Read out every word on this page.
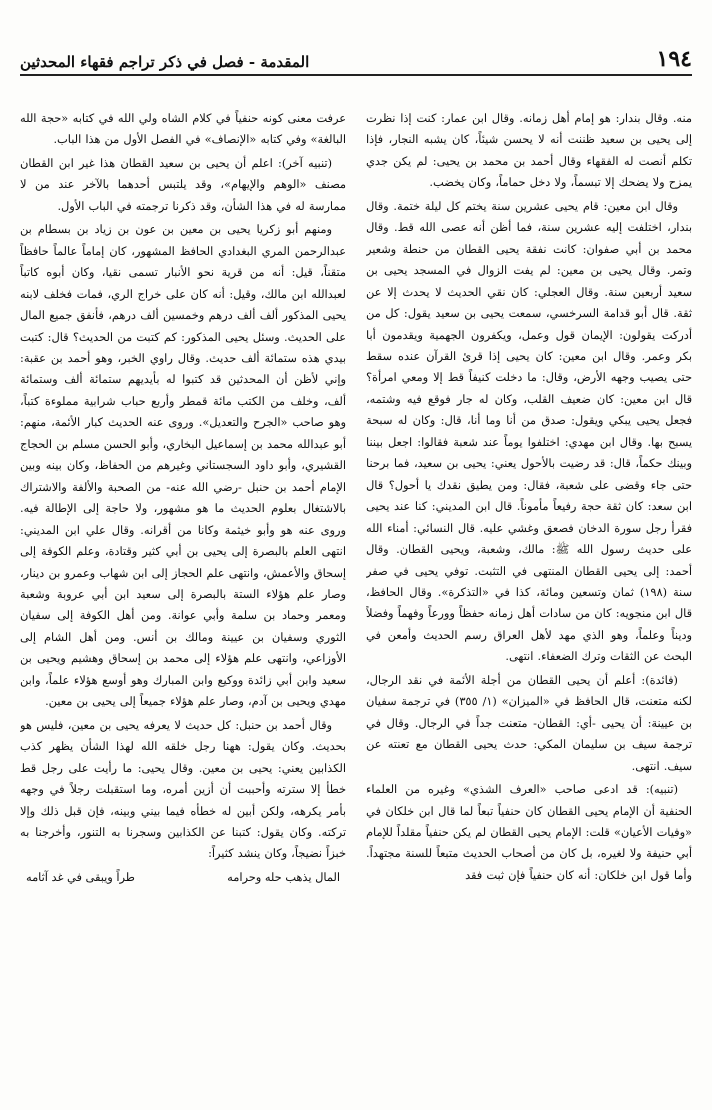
١٩٤
المقدمة - فصل في ذكر تراجم فقهاء المحدثين

منه. وقال بندار: هو إمام أهل زمانه. وقال ابن عمار: كنت إذا نظرت إلى يحيى بن سعيد ظننت أنه لا يحسن شيئاً، كان يشبه النجار، فإذا تكلم أنصت له الفقهاء وقال أحمد بن محمد بن يحيى: لم يكن جدي يمزح ولا يضحك إلا تبسماً، ولا دخل حماماً، وكان يخضب.

وقال ابن معين: قام يحيى عشرين سنة يختم كل ليلة ختمة. وقال بندار، اختلفت إليه عشرين سنة، فما أظن أنه عصى الله قط. وقال محمد بن أبي صفوان: كانت نفقة يحيى القطان من حنطة وشعير وتمر. وقال يحيى بن معين: لم يفت الزوال في المسجد يحيى بن سعيد أربعين سنة. وقال العجلي: كان نقي الحديث لا يحدث إلا عن ثقة. قال أبو قدامة السرخسي، سمعت يحيى بن سعيد يقول: كل من أدركت يقولون: الإيمان قول وعمل، ويكفرون الجهمية ويقدمون أبا بكر وعمر. وقال ابن معين: كان يحيى إذا قرئ القرآن عنده سقط حتى يصيب وجهه الأرض، وقال: ما دخلت كنيفاً قط إلا ومعي امرأة؟ قال ابن معين: كان ضعيف القلب، وكان له جار فوقع فيه وشتمه، فجعل يحيى يبكي ويقول: صدق من أنا وما أنا، قال: وكان له سبحة يسبح بها. وقال ابن مهدي: اختلفوا يوماً عند شعبة فقالوا: اجعل بيننا وبينك حكماً، قال: قد رضيت بالأحول يعني: يحيى بن سعيد، فما برحنا حتى جاء وقضى على شعبة، فقال: ومن يطيق نقدك يا أحول؟ قال ابن سعد: كان ثقة حجة رفيعاً مأموناً. قال ابن المديني: كنا عند يحيى فقرأ رجل سورة الدخان فصعق وغشي عليه. قال النسائي: أمناء الله على حديث رسول الله ﷺ: مالك، وشعبة، ويحيى القطان. وقال أحمد: إلى يحيى القطان المنتهى في التثبت. توفي يحيى في صفر سنة (١٩٨) ثمان وتسعين ومائة، كذا في «التذكرة». وقال الحافظ، قال ابن منجويه: كان من سادات أهل زمانه حفظاً وورعاً وفهماً وفضلاً وديناً وعلماً، وهو الذي مهد لأهل العراق رسم الحديث وأمعن في البحث عن الثقات وترك الضعفاء. انتهى.

(فائدة): أعلم أن يحيى القطان من أجلة الأئمة في نقد الرجال، لكنه متعنت، قال الحافظ في «الميزان» (١/ ٣٥٥) في ترجمة سفيان بن عيينة: أن يحيى -أي: القطان- متعنت جداً في الرجال. وقال في ترجمة سيف بن سليمان المكي: حدث يحيى القطان مع تعنته عن سيف. انتهى.

(تنبيه): قد ادعى صاحب «العرف الشذي» وغيره من العلماء الحنفية أن الإمام يحيى القطان كان حنفياً تبعاً لما قال ابن خلكان في «وفيات الأعيان» قلت: الإمام يحيى القطان لم يكن حنفياً مقلداً للإمام أبي حنيفة ولا لغيره، بل كان من أصحاب الحديث متبعاً للسنة مجتهداً. وأما قول ابن خلكان: أنه كان حنفياً فإن ثبت فقد

عرفت معنى كونه حنفياً في كلام الشاه ولي الله في كتابه «حجة الله البالغة» وفي كتابه «الإنصاف» في الفصل الأول من هذا الباب.

(تنبيه آخر): اعلم أن يحيى بن سعيد القطان هذا غير ابن القطان مصنف «الوهم والإيهام»، وقد يلتبس أحدهما بالآخر عند من لا ممارسة له في هذا الشأن، وقد ذكرنا ترجمته في الباب الأول.

ومنهم أبو زكريا يحيى بن معين بن عون بن زياد بن بسطام بن عبدالرحمن المري البغدادي الحافظ المشهور، كان إماماً عالماً حافظاً متقناً، قيل: أنه من قرية نحو الأنبار تسمى نقيا، وكان أبوه كاتباً لعبدالله ابن مالك، وقيل: أنه كان على خراج الري، فمات فخلف لابنه يحيى المذكور ألف ألف درهم وخمسين ألف درهم، فأنفق جميع المال على الحديث. وسئل يحيى المذكور: كم كتبت من الحديث؟ قال: كتبت بيدي هذه ستمائة ألف حديث. وقال راوي الخبر، وهو أحمد بن عقبة: وإني لأظن أن المحدثين قد كتبوا له بأيديهم ستمائة ألف وستمائة ألف، وخلف من الكتب مائة قمطر وأربع حباب شرابية مملوءة كتباً، وهو صاحب «الجرح والتعديل». وروى عنه الحديث كبار الأئمة، منهم: أبو عبدالله محمد بن إسماعيل البخاري، وأبو الحسن مسلم بن الحجاج القشيري، وأبو داود السجستاني وغيرهم من الحفاظ، وكان بينه وبين الإمام أحمد بن حنبل -رضي الله عنه- من الصحبة والألفة والاشتراك بالاشتغال بعلوم الحديث ما هو مشهور، ولا حاجة إلى الإطالة فيه. وروى عنه هو وأبو خيثمة وكانا من أقرانه. وقال علي ابن المديني: انتهى العلم بالبصرة إلى يحيى بن أبي كثير وقتادة، وعلم الكوفة إلى إسحاق والأعمش، وانتهى علم الحجاز إلى ابن شهاب وعمرو بن دينار، وصار علم هؤلاء الستة بالبصرة إلى سعيد ابن أبي عروبة وشعبة ومعمر وحماد بن سلمة وأبي عوانة. ومن أهل الكوفة إلى سفيان الثوري وسفيان بن عيينة ومالك بن أنس. ومن أهل الشام إلى الأوزاعي، وانتهى علم هؤلاء إلى محمد بن إسحاق وهشيم ويحيى بن سعيد وابن أبي زائدة ووكيع وابن المبارك وهو أوسع هؤلاء علماً، وابن مهدي ويحيى بن آدم، وصار علم هؤلاء جميعاً إلى يحيى بن معين.

وقال أحمد بن حنبل: كل حديث لا يعرفه يحيى بن معين، فليس هو بحديث. وكان يقول: ههنا رجل خلقه الله لهذا الشأن يظهر كذب الكذابين يعني: يحيى بن معين. وقال يحيى: ما رأيت على رجل قط خطأ إلا سترته وأحببت أن أزين أمره، وما استقبلت رجلاً في وجهه بأمر يكرهه، ولكن أبين له خطأه فيما بيني وبينه، فإن قبل ذلك وإلا تركته. وكان يقول: كتبنا عن الكذابين وسجرنا به التنور، وأخرجنا به خبزاً نضيجاً، وكان ينشد كثيراً:

المال يذهب حله وحرامه
طراً ويبقى في غد آثامه
